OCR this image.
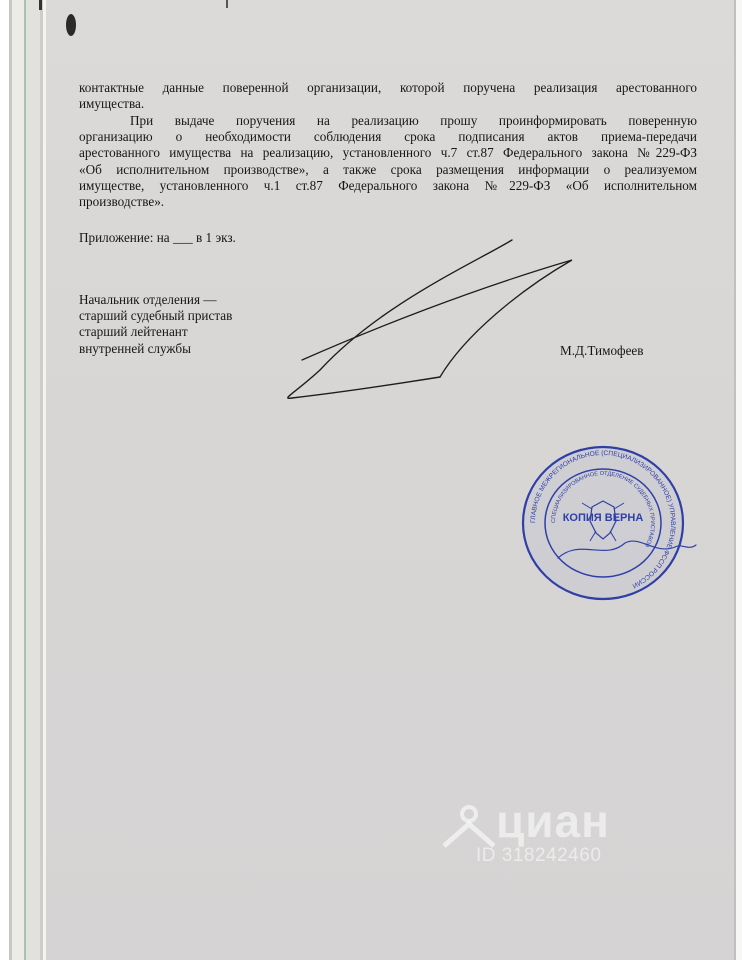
контактные данные поверенной организации, которой поручена реализация арестованного
имущества.

При выдаче поручения на реализацию прошу проинформировать поверенную
организацию о необходимости соблюдения срока подписания актов приема-передачи
арестованного имущества на реализацию, установленного ч.7 ст.87 Федерального закона №229-ФЗ
«Об исполнительном производстве», а также срока размещения информации о реализуемом
имуществе, установленного ч.1 ст.87 Федерального закона №229-ФЗ «Об исполнительном
производстве».

Приложение: на ___ в 1 экз.

Начальник отделения —
старший судебный пристав
старший лейтенант
внутренней службы	М.Д.Тимофеев

ГЛАВНОЕ МЕЖРЕГИОНАЛЬНОЕ (СПЕЦИАЛИЗИРОВАННОЕ) УПРАВЛЕНИЕ ФССП РОССИИ
СПЕЦИАЛИЗИРОВАННОЕ ОТДЕЛЕНИЕ СУДЕБНЫХ ПРИСТАВОВ
КОПИЯ ВЕРНА
циан
ID 318242460
